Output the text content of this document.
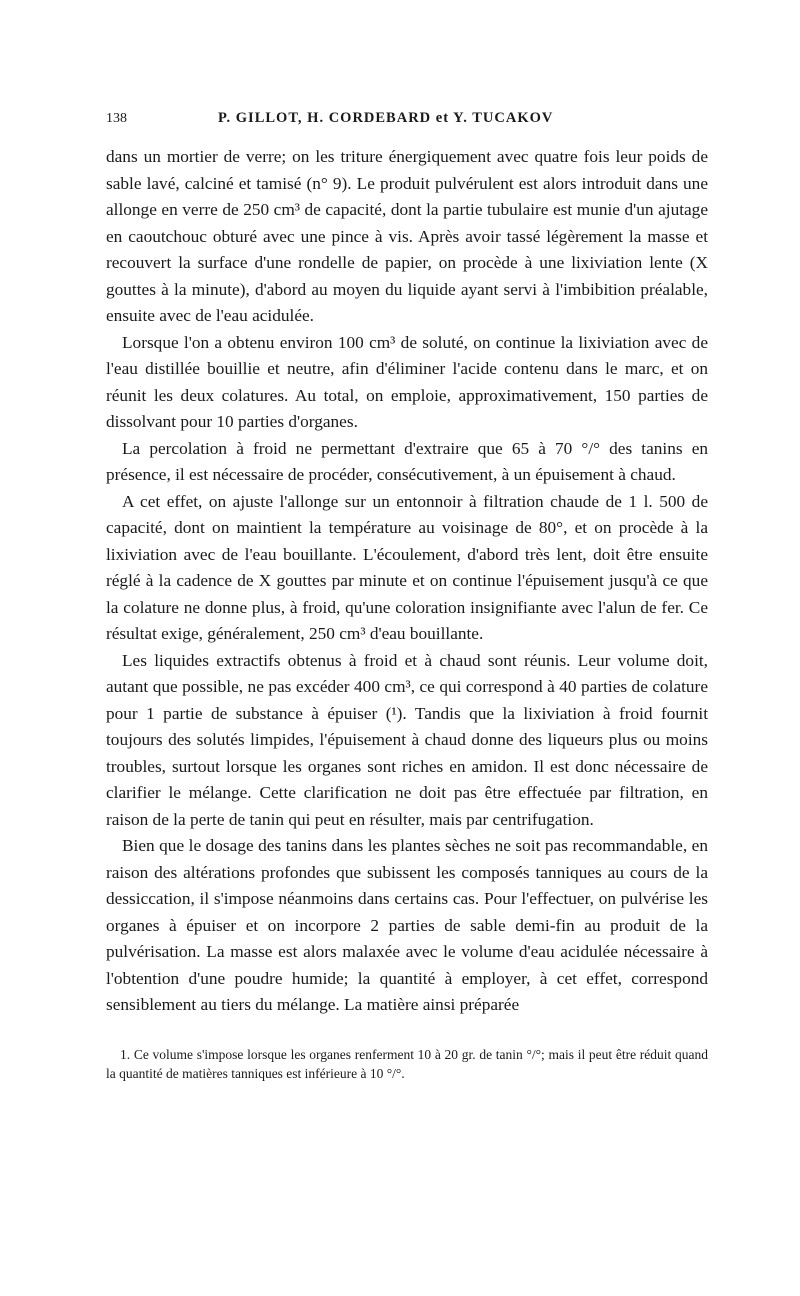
138	P. GILLOT, H. CORDEBARD et Y. TUCAKOV

dans un mortier de verre; on les triture énergiquement avec quatre fois leur poids de sable lavé, calciné et tamisé (n° 9). Le produit pulvérulent est alors introduit dans une allonge en verre de 250 cm³ de capacité, dont la partie tubulaire est munie d'un ajutage en caoutchouc obturé avec une pince à vis. Après avoir tassé légèrement la masse et recouvert la surface d'une rondelle de papier, on procède à une lixiviation lente (X gouttes à la minute), d'abord au moyen du liquide ayant servi à l'imbibition préalable, ensuite avec de l'eau acidulée.

Lorsque l'on a obtenu environ 100 cm³ de soluté, on continue la lixiviation avec de l'eau distillée bouillie et neutre, afin d'éliminer l'acide contenu dans le marc, et on réunit les deux colatures. Au total, on emploie, approximativement, 150 parties de dissolvant pour 10 parties d'organes.

La percolation à froid ne permettant d'extraire que 65 à 70 °/° des tanins en présence, il est nécessaire de procéder, consécutivement, à un épuisement à chaud.

A cet effet, on ajuste l'allonge sur un entonnoir à filtration chaude de 1 l. 500 de capacité, dont on maintient la température au voisinage de 80°, et on procède à la lixiviation avec de l'eau bouillante. L'écoulement, d'abord très lent, doit être ensuite réglé à la cadence de X gouttes par minute et on continue l'épuisement jusqu'à ce que la colature ne donne plus, à froid, qu'une coloration insignifiante avec l'alun de fer. Ce résultat exige, généralement, 250 cm³ d'eau bouillante.

Les liquides extractifs obtenus à froid et à chaud sont réunis. Leur volume doit, autant que possible, ne pas excéder 400 cm³, ce qui correspond à 40 parties de colature pour 1 partie de substance à épuiser (¹). Tandis que la lixiviation à froid fournit toujours des solutés limpides, l'épuisement à chaud donne des liqueurs plus ou moins troubles, surtout lorsque les organes sont riches en amidon. Il est donc nécessaire de clarifier le mélange. Cette clarification ne doit pas être effectuée par filtration, en raison de la perte de tanin qui peut en résulter, mais par centrifugation.

Bien que le dosage des tanins dans les plantes sèches ne soit pas recommandable, en raison des altérations profondes que subissent les composés tanniques au cours de la dessiccation, il s'impose néanmoins dans certains cas. Pour l'effectuer, on pulvérise les organes à épuiser et on incorpore 2 parties de sable demi-fin au produit de la pulvérisation. La masse est alors malaxée avec le volume d'eau acidulée nécessaire à l'obtention d'une poudre humide; la quantité à employer, à cet effet, correspond sensiblement au tiers du mélange. La matière ainsi préparée

1. Ce volume s'impose lorsque les organes renferment 10 à 20 gr. de tanin °/°; mais il peut être réduit quand la quantité de matières tanniques est inférieure à 10 °/°.
